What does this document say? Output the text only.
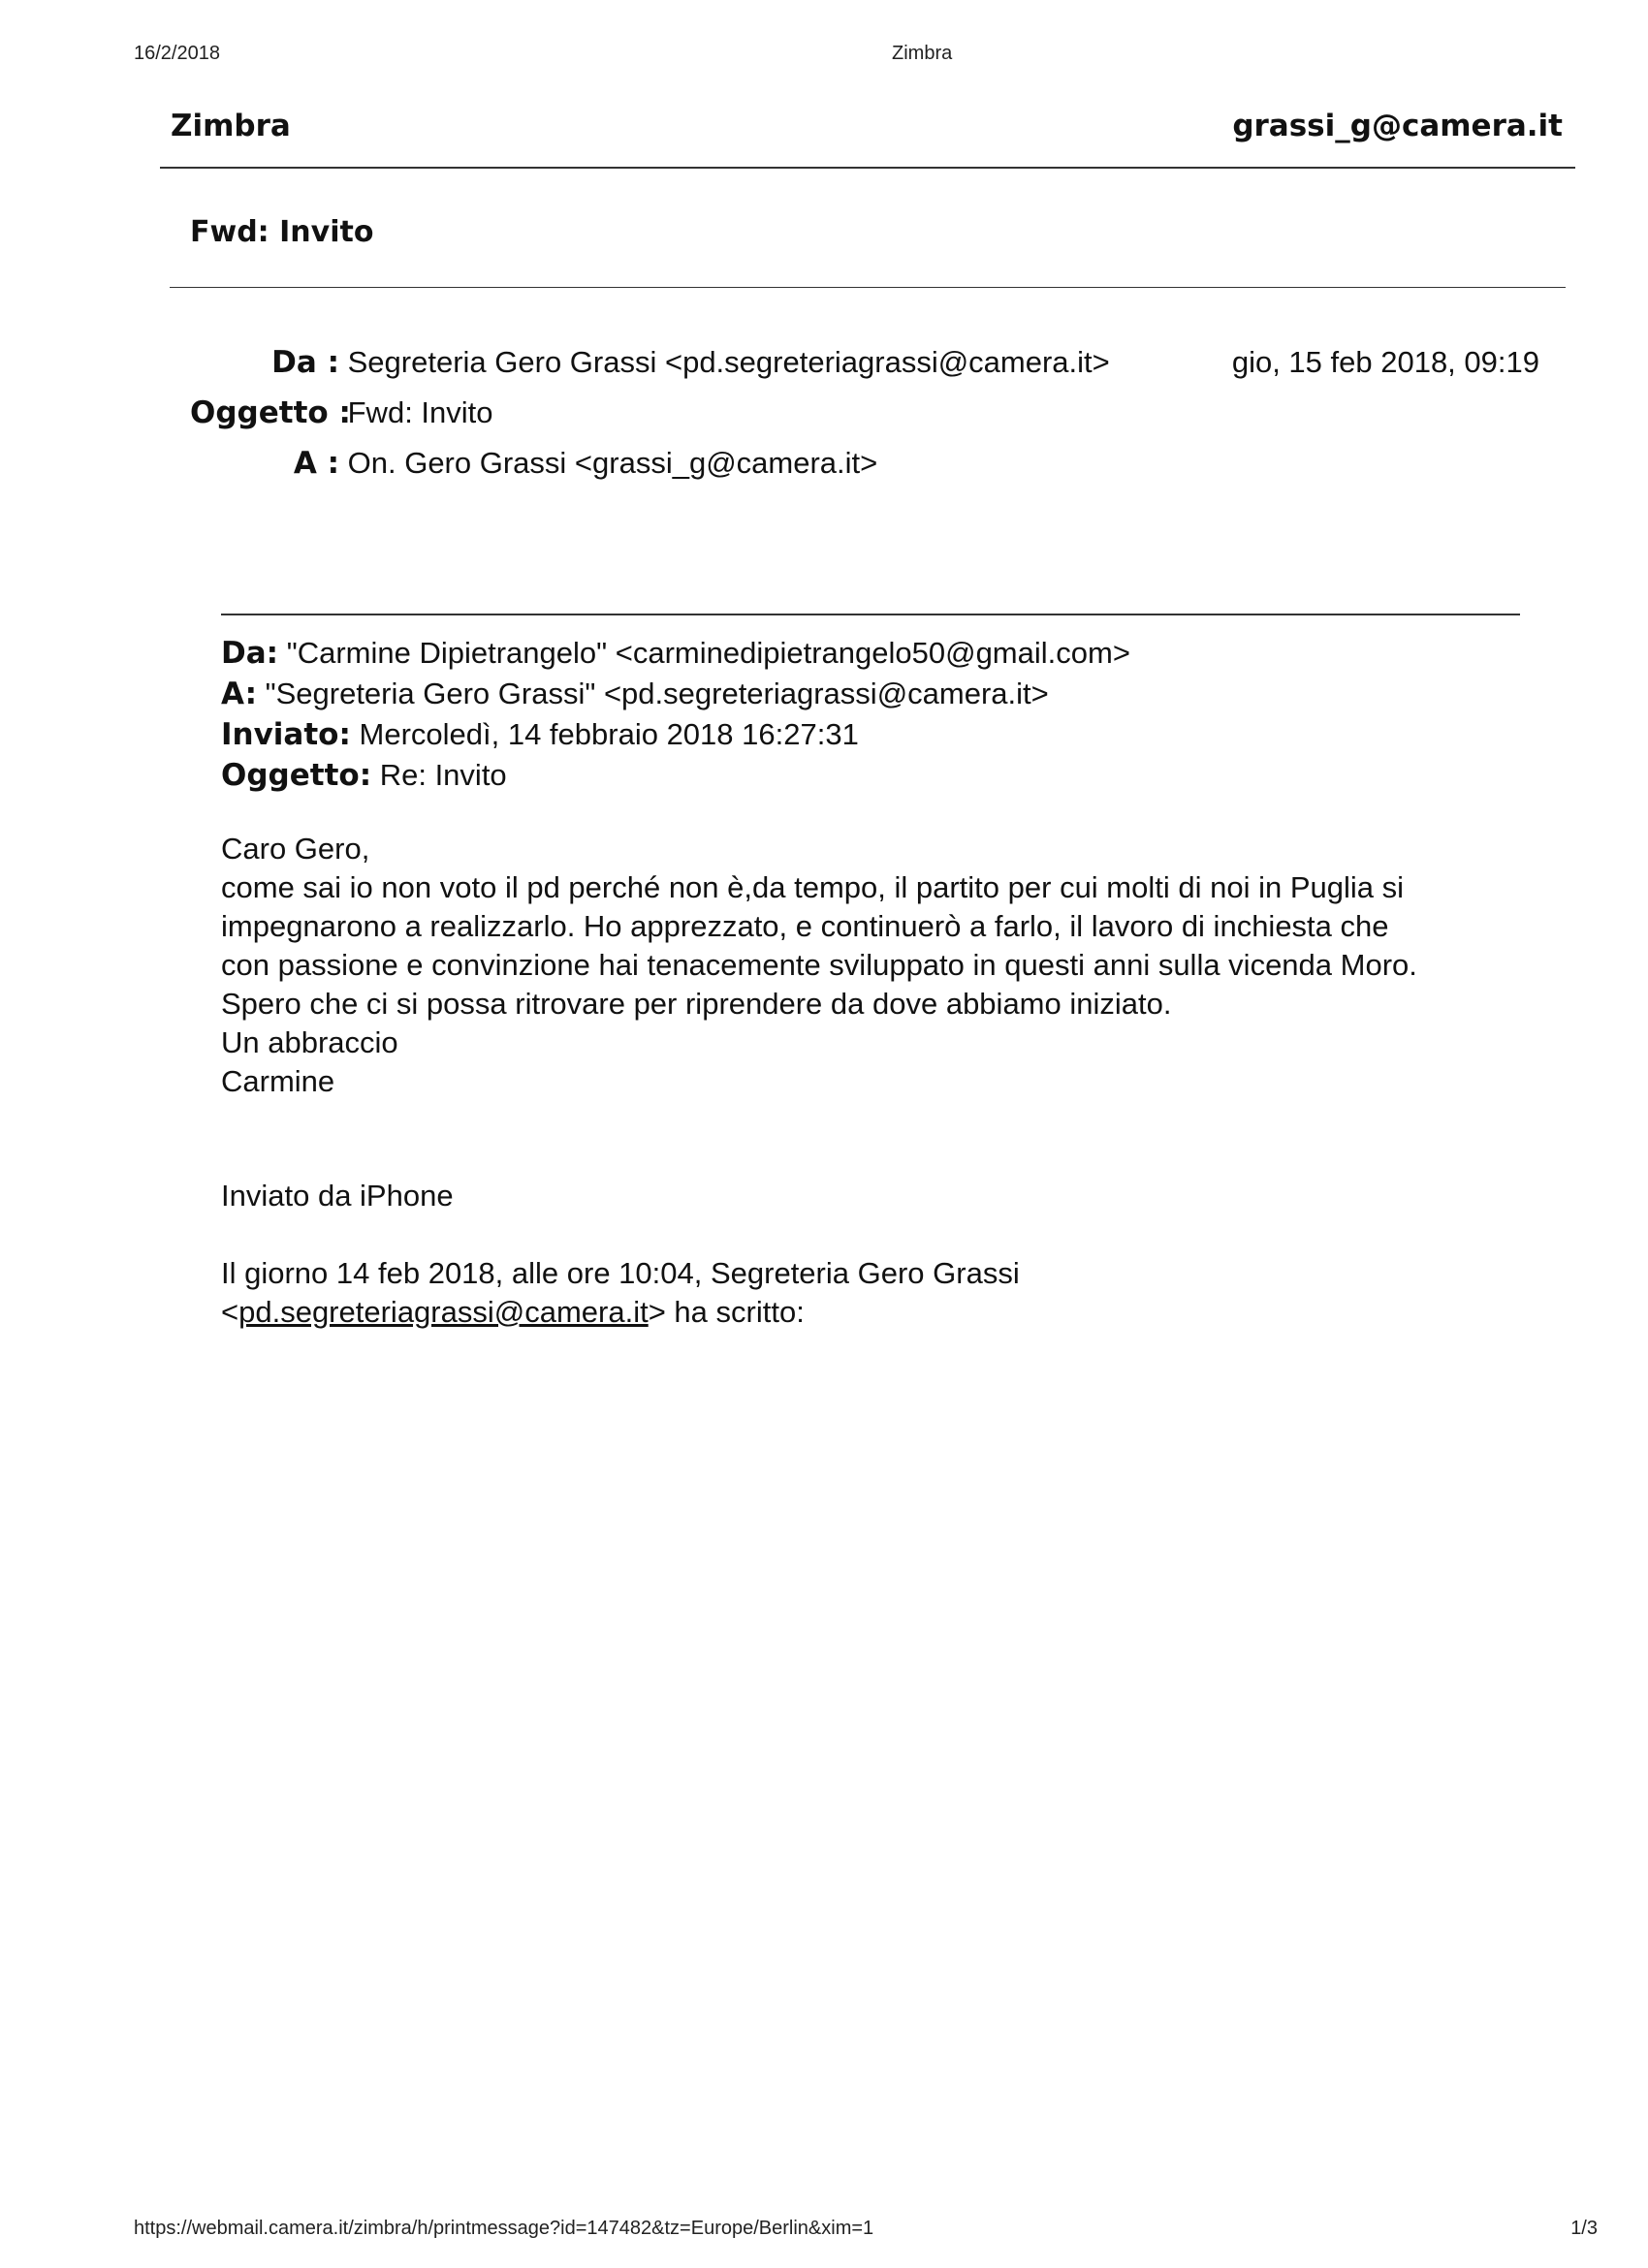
16/2/2018	Zimbra
Zimbra	grassi_g@camera.it
Fwd: Invito
Da : Segreteria Gero Grassi <pd.segreteriagrassi@camera.it>	gio, 15 feb 2018, 09:19
Oggetto : Fwd: Invito
A : On. Gero Grassi <grassi_g@camera.it>
Da: "Carmine Dipietrangelo" <carminedipietrangelo50@gmail.com>
A: "Segreteria Gero Grassi" <pd.segreteriagrassi@camera.it>
Inviato: Mercoledì, 14 febbraio 2018 16:27:31
Oggetto: Re: Invito
Caro Gero,
come sai io non voto il pd perché non è,da tempo, il partito per cui molti di noi in Puglia si
impegnarono a realizzarlo. Ho apprezzato, e continuerò a farlo, il lavoro di inchiesta che
con passione e convinzione hai tenacemente sviluppato in questi anni sulla vicenda Moro.
Spero che ci si possa ritrovare per riprendere da dove abbiamo iniziato.
Un abbraccio
Carmine
Inviato da iPhone
Il giorno 14 feb 2018, alle ore 10:04, Segreteria Gero Grassi
<pd.segreteriagrassi@camera.it> ha scritto:
https://webmail.camera.it/zimbra/h/printmessage?id=147482&tz=Europe/Berlin&xim=1	1/3
